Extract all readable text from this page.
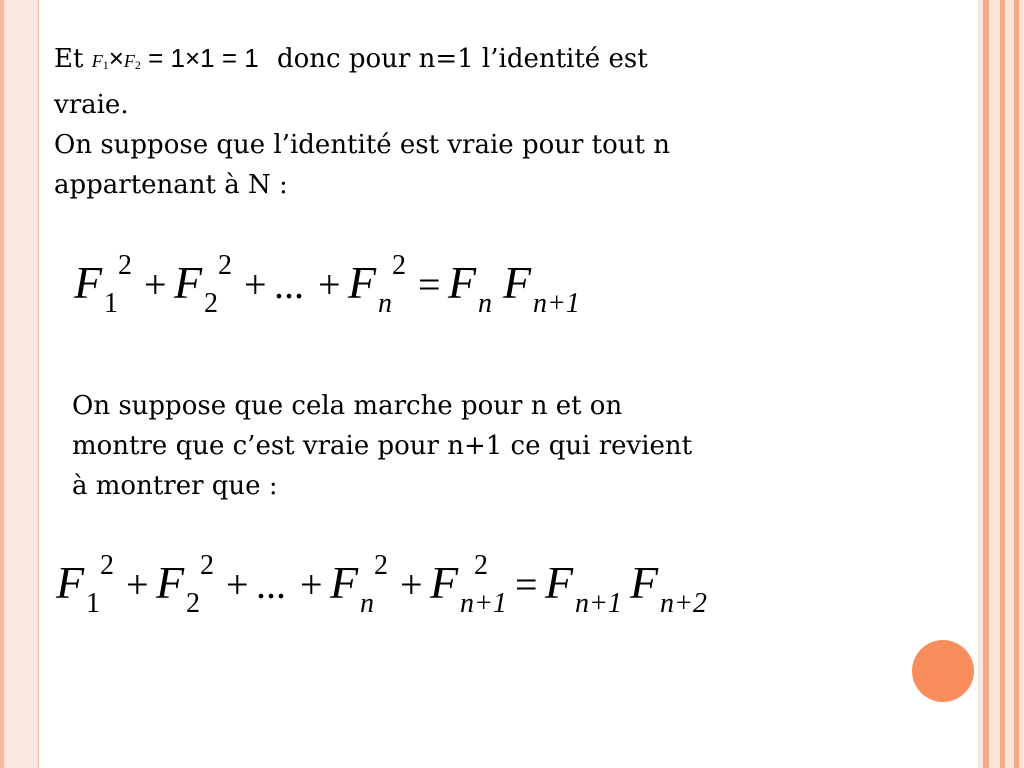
Et F1×F2 = 1×1 = 1 donc pour n=1 l’identité est
vraie.
On suppose que l’identité est vraie pour tout n
appartenant à N :
F 1
2 + F 2
2 + ... + F n
2 = F n F n+1
On suppose que cela marche pour n et on
montre que c’est vraie pour n+1 ce qui revient
à montrer que :
F 1
2 + F 2
2 + ... + F n
2 + F n+1
2 = F n+1 F n+2
